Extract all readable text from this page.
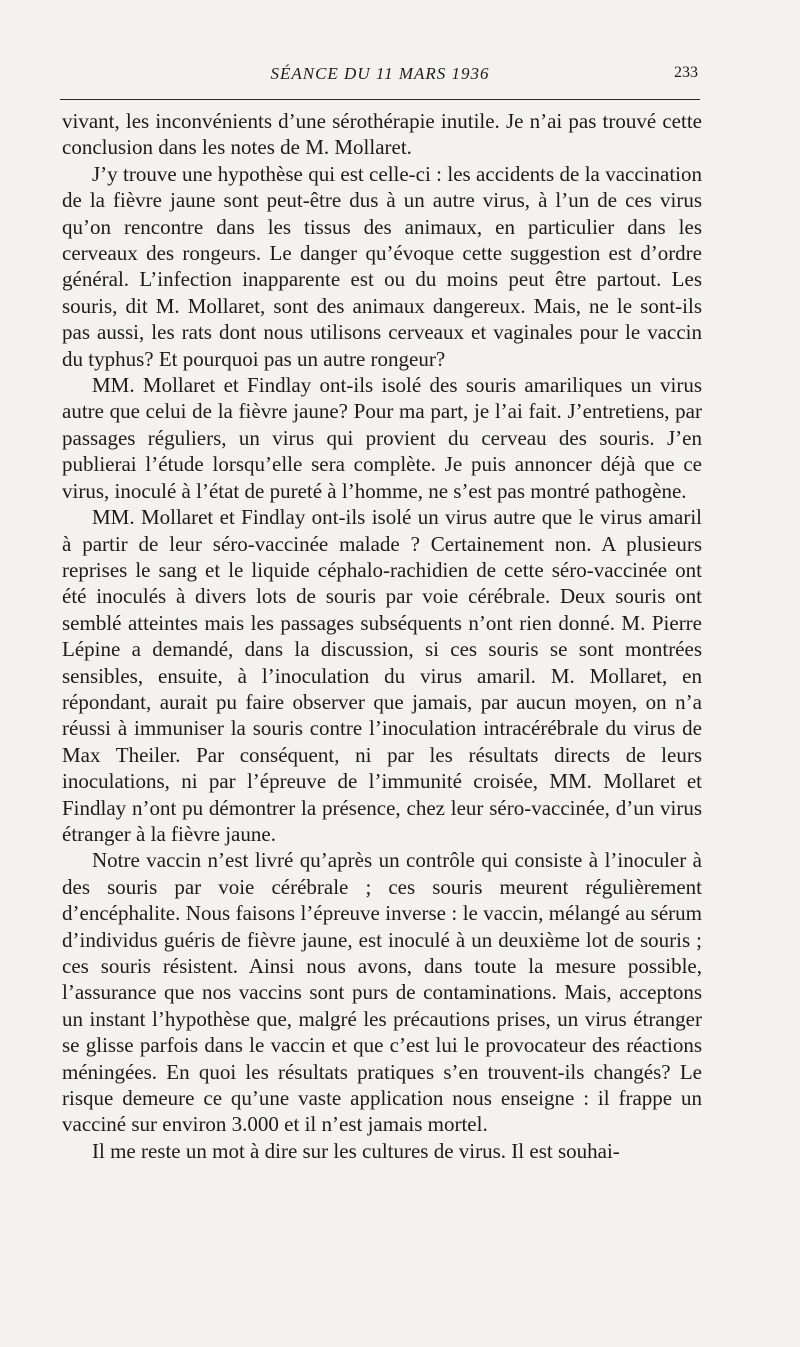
SÉANCE DU 11 MARS 1936	233

vivant, les inconvénients d’une sérothérapie inutile. Je n’ai pas trouvé cette conclusion dans les notes de M. Mollaret.

J’y trouve une hypothèse qui est celle-ci : les accidents de la vaccination de la fièvre jaune sont peut-être dus à un autre virus, à l’un de ces virus qu’on rencontre dans les tissus des animaux, en particulier dans les cerveaux des rongeurs. Le danger qu’évoque cette suggestion est d’ordre général. L’infection inapparente est ou du moins peut être partout. Les souris, dit M. Mollaret, sont des animaux dangereux. Mais, ne le sont-ils pas aussi, les rats dont nous utilisons cerveaux et vaginales pour le vaccin du typhus? Et pourquoi pas un autre rongeur?

MM. Mollaret et Findlay ont-ils isolé des souris amariliques un virus autre que celui de la fièvre jaune? Pour ma part, je l’ai fait. J’entretiens, par passages réguliers, un virus qui provient du cerveau des souris. J’en publierai l’étude lorsqu’elle sera complète. Je puis annoncer déjà que ce virus, inoculé à l’état de pureté à l’homme, ne s’est pas montré pathogène.

MM. Mollaret et Findlay ont-ils isolé un virus autre que le virus amaril à partir de leur séro-vaccinée malade ? Certainement non. A plusieurs reprises le sang et le liquide céphalo-rachidien de cette séro-vaccinée ont été inoculés à divers lots de souris par voie cérébrale. Deux souris ont semblé atteintes mais les passages subséquents n’ont rien donné. M. Pierre Lépine a demandé, dans la discussion, si ces souris se sont montrées sensibles, ensuite, à l’inoculation du virus amaril. M. Mollaret, en répondant, aurait pu faire observer que jamais, par aucun moyen, on n’a réussi à immuniser la souris contre l’inoculation intracérébrale du virus de Max Theiler. Par conséquent, ni par les résultats directs de leurs inoculations, ni par l’épreuve de l’immunité croisée, MM. Mollaret et Findlay n’ont pu démontrer la présence, chez leur séro-vaccinée, d’un virus étranger à la fièvre jaune.

Notre vaccin n’est livré qu’après un contrôle qui consiste à l’inoculer à des souris par voie cérébrale ; ces souris meurent régulièrement d’encéphalite. Nous faisons l’épreuve inverse : le vaccin, mélangé au sérum d’individus guéris de fièvre jaune, est inoculé à un deuxième lot de souris ; ces souris résistent. Ainsi nous avons, dans toute la mesure possible, l’assurance que nos vaccins sont purs de contaminations. Mais, acceptons un instant l’hypothèse que, malgré les précautions prises, un virus étranger se glisse parfois dans le vaccin et que c’est lui le provocateur des réactions méningées. En quoi les résultats pratiques s’en trouvent-ils changés? Le risque demeure ce qu’une vaste application nous enseigne : il frappe un vacciné sur environ 3.000 et il n’est jamais mortel.

Il me reste un mot à dire sur les cultures de virus. Il est souhai-
